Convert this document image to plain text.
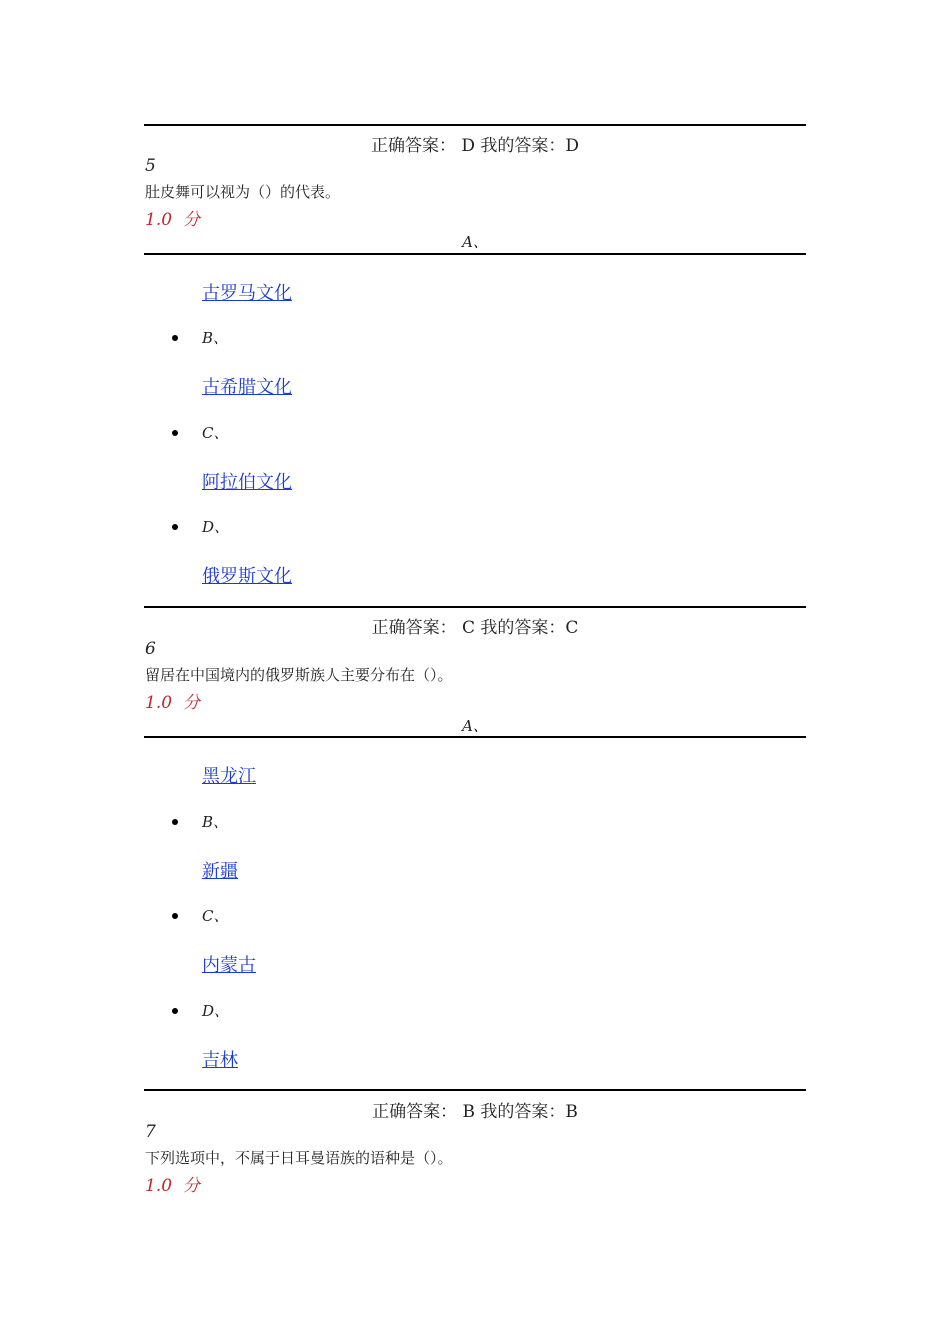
正确答案： D 我的答案：D
5
肚皮舞可以视为（）的代表。
1.0  分
A、
古罗马文化
B、
古希腊文化
C、
阿拉伯文化
D、
俄罗斯文化
正确答案： C 我的答案：C
6
留居在中国境内的俄罗斯族人主要分布在（）。
1.0  分
A、
黑龙江
B、
新疆
C、
内蒙古
D、
吉林
正确答案： B 我的答案：B
7
下列选项中，不属于日耳曼语族的语种是（）。
1.0  分
